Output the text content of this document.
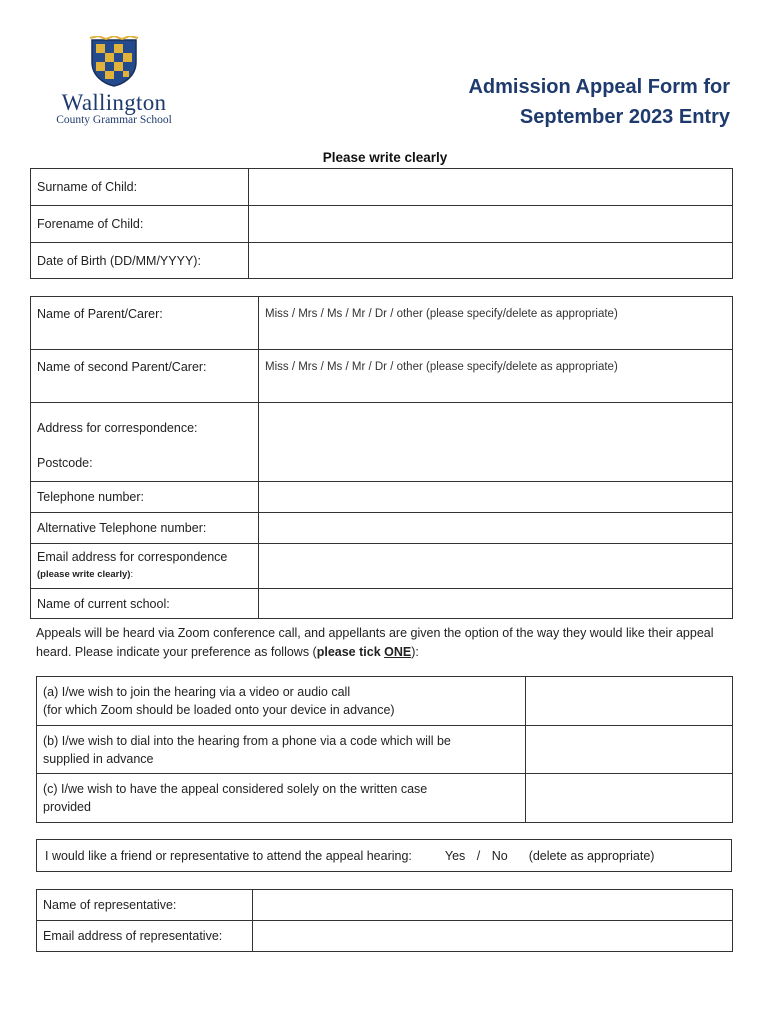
Wallington
County Grammar School
Admission Appeal Form for
September 2023 Entry
Please write clearly
Surname of Child:	
Forename of Child:	
Date of Birth (DD/MM/YYYY):	
Name of Parent/Carer:	Miss / Mrs / Ms / Mr / Dr / other (please specify/delete as appropriate)
Name of second Parent/Carer:	Miss / Mrs / Ms / Mr / Dr / other (please specify/delete as appropriate)

Address for correspondence:
Postcode:	

Telephone number:	
Alternative Telephone number:	

Email address for correspondence
(please write clearly):	

Name of current school:	
Appeals will be heard via Zoom conference call, and appellants are given the option of the way they would like their appeal heard. Please indicate your preference as follows (please tick ONE):
(a) I/we wish to join the hearing via a video or audio call
(for which Zoom should be loaded onto your device in advance)	

(b) I/we wish to dial into the hearing from a phone via a code which will be
supplied in advance	

(c) I/we wish to have the appeal considered solely on the written case
provided	

I would like a friend or representative to attend the appeal hearing:	Yes / No (delete as appropriate)
Name of representative:	
Email address of representative:	
